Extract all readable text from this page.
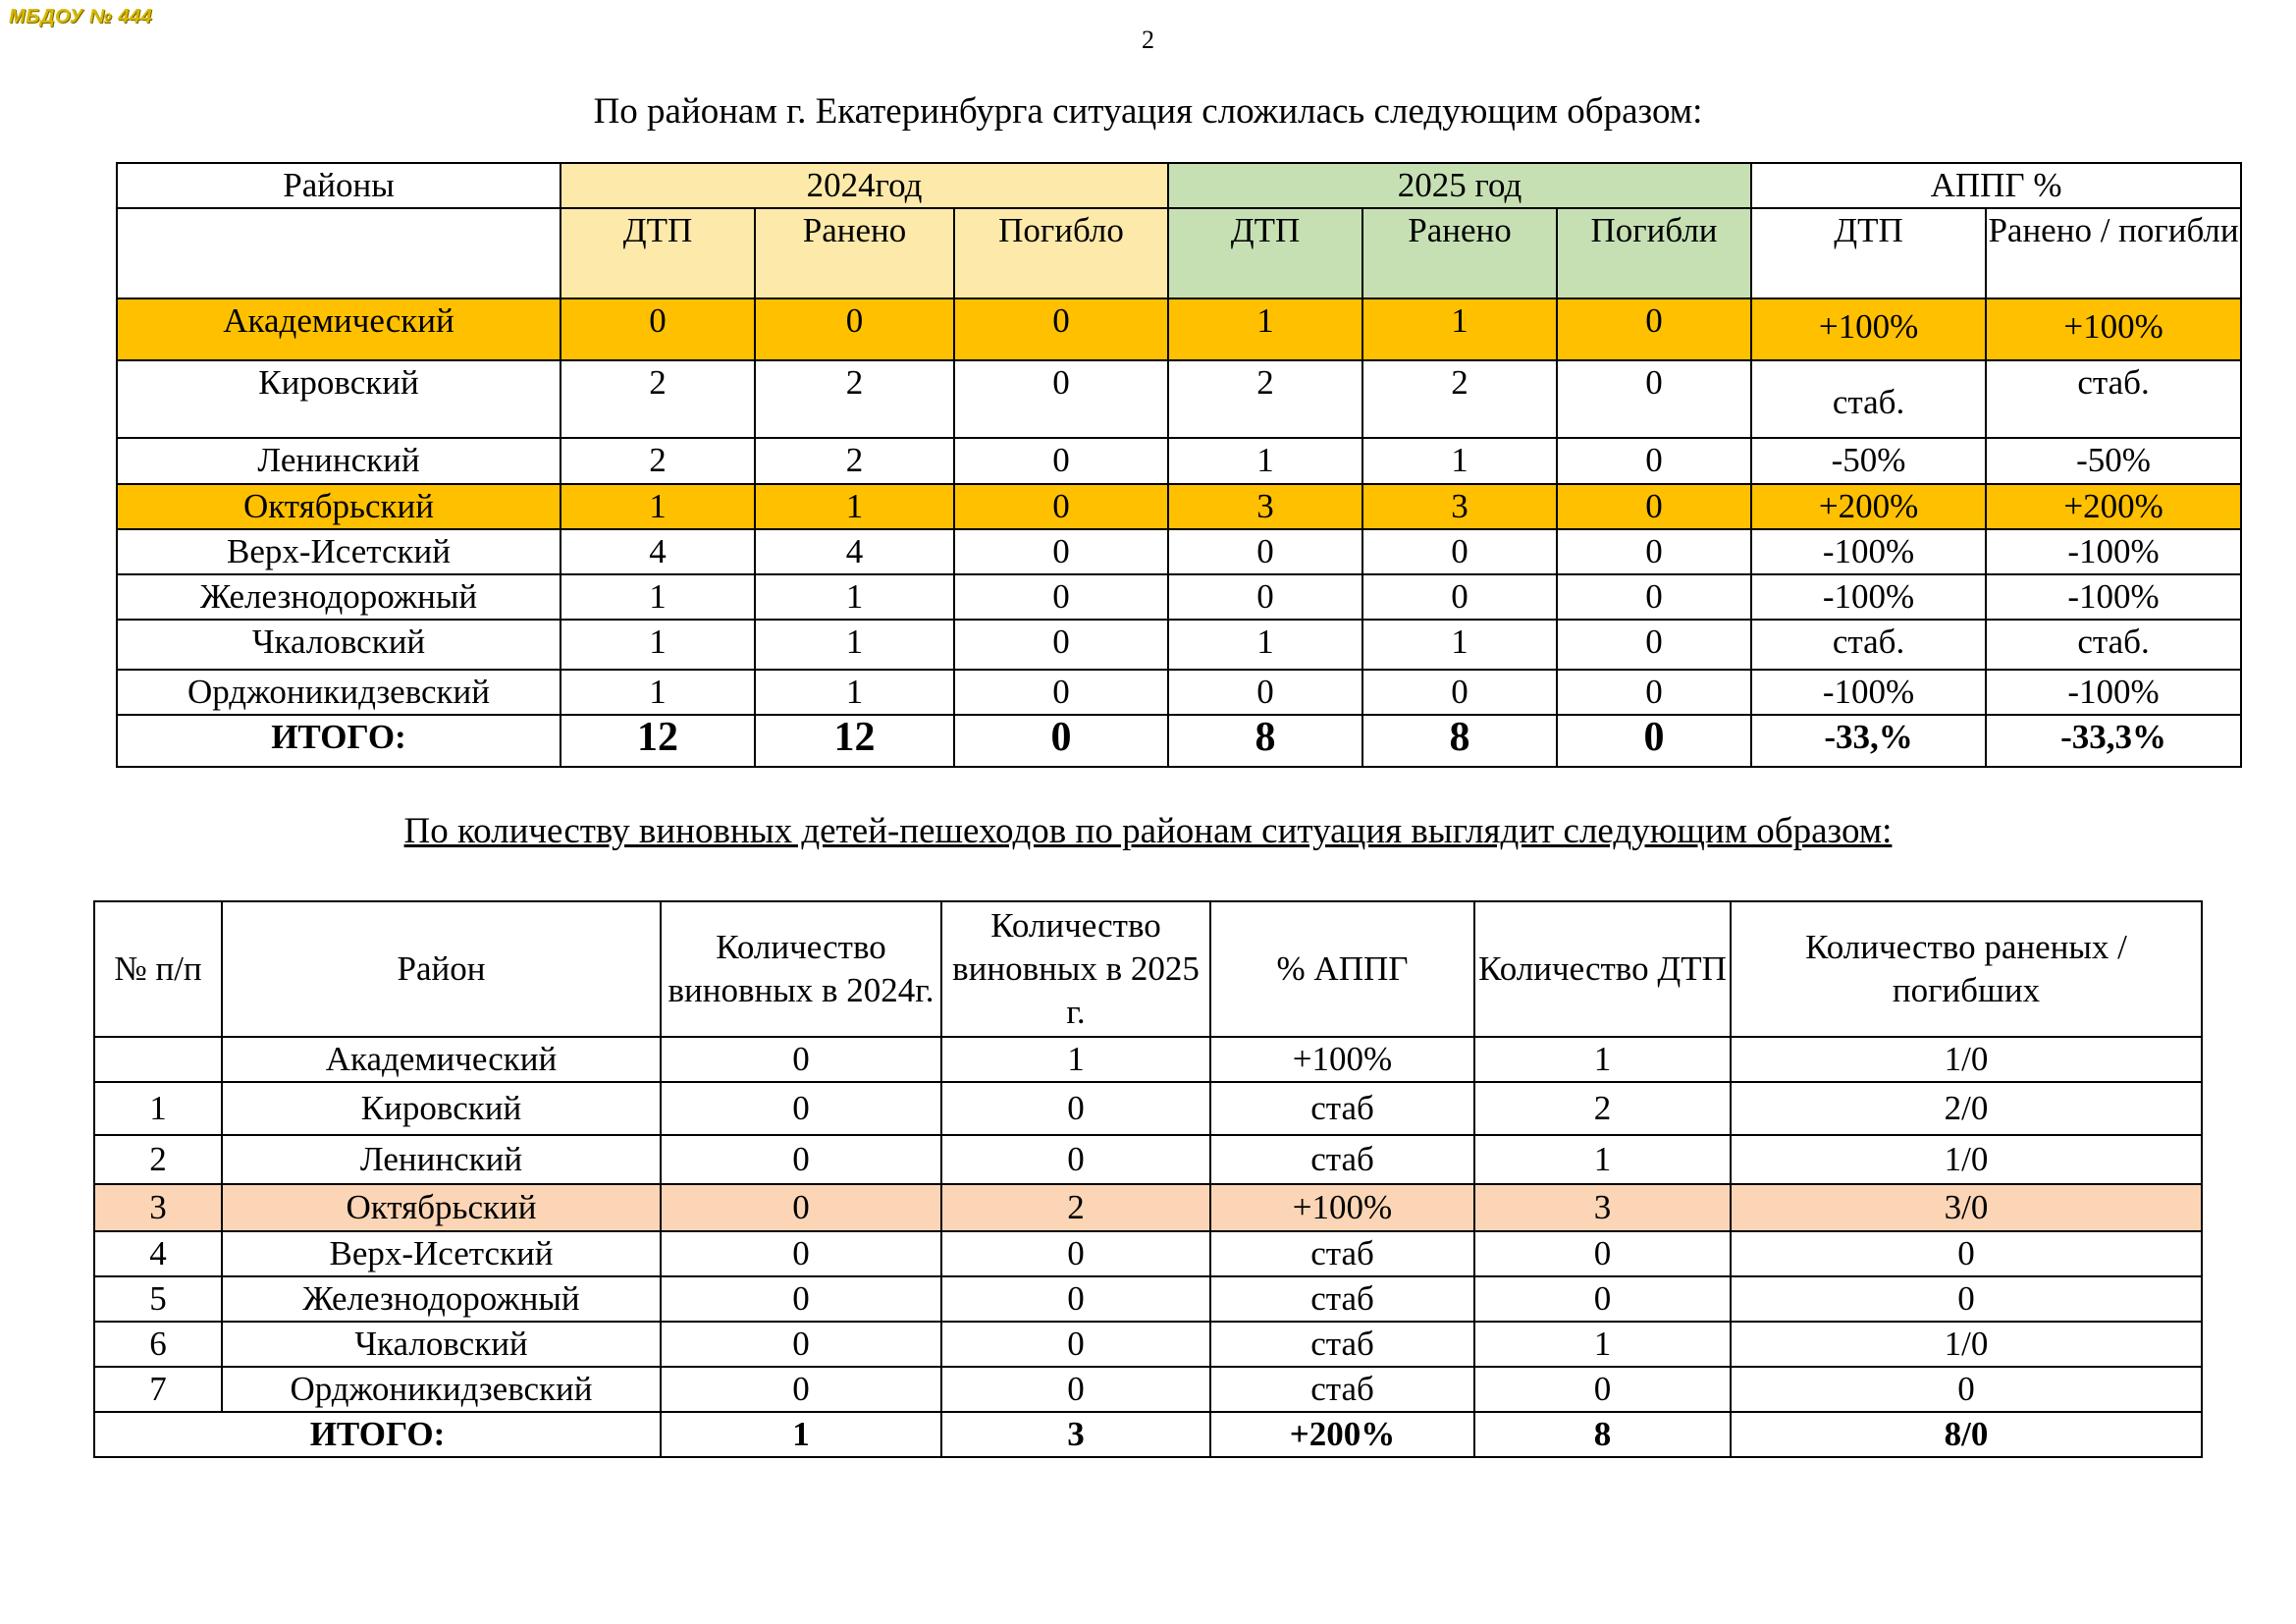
МБДОУ № 444
2
По районам г. Екатеринбурга ситуация сложилась следующим образом:
Районы	2024год			2025 год			АППГ %	
	ДТП	Ранено	Погибло	ДТП	Ранено	Погибли	ДТП	Ранено / погибли
Академический	0	0	0	1	1	0	+100%	+100%
Кировский	2	2	0	2	2	0	стаб.	стаб.
Ленинский	2	2	0	1	1	0	-50%	-50%
Октябрьский	1	1	0	3	3	0	+200%	+200%
Верх-Исетский	4	4	0	0	0	0	-100%	-100%
Железнодорожный	1	1	0	0	0	0	-100%	-100%
Чкаловский	1	1	0	1	1	0	стаб.	стаб.
Орджоникидзевский	1	1	0	0	0	0	-100%	-100%
ИТОГО:	12	12	0	8	8	0	-33,%	-33,3%
По количеству виновных детей-пешеходов по районам ситуация выглядит следующим образом:
№ п/п	Район	Количество виновных в 2024г.	Количество виновных в 2025 г.	% АППГ	Количество ДТП	Количество раненых / погибших
	Академический	0	1	+100%	1	1/0
1	Кировский	0	0	стаб	2	2/0
2	Ленинский	0	0	стаб	1	1/0
3	Октябрьский	0	2	+100%	3	3/0
4	Верх-Исетский	0	0	стаб	0	0
5	Железнодорожный	0	0	стаб	0	0
6	Чкаловский	0	0	стаб	1	1/0
7	Орджоникидзевский	0	0	стаб	0	0
ИТОГО:		1	3	+200%	8	8/0
